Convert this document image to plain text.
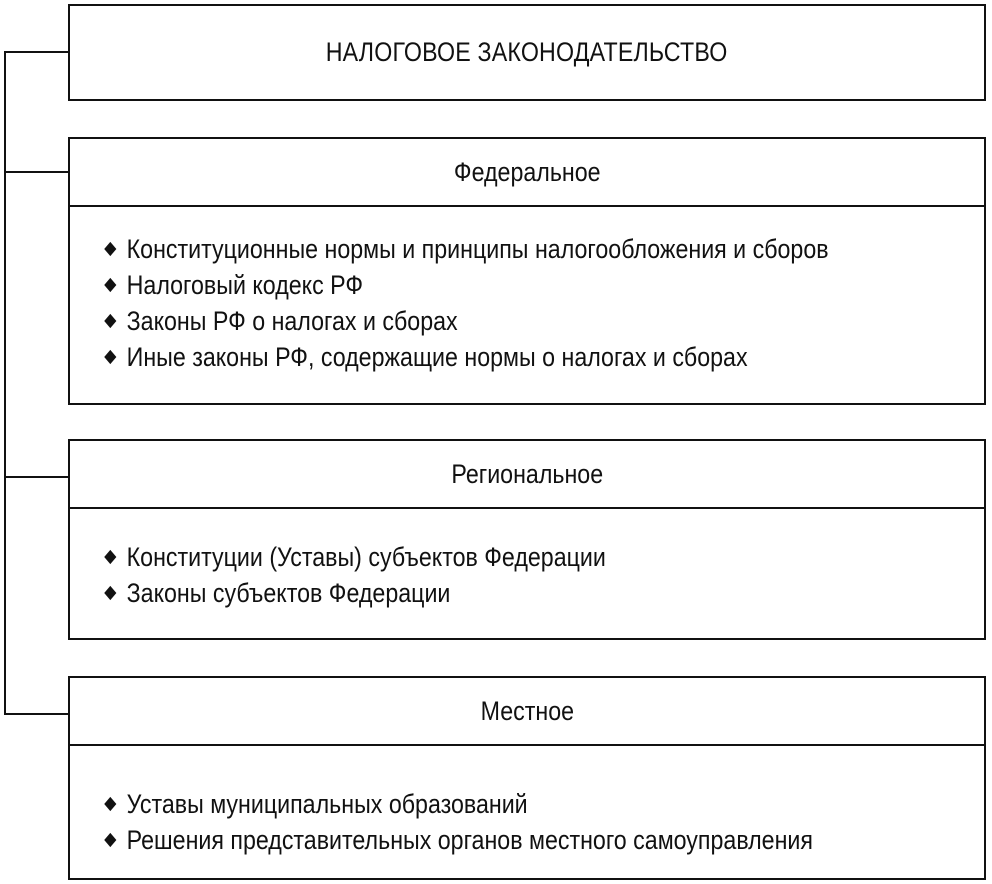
НАЛОГОВОЕ ЗАКОНОДАТЕЛЬСТВО
Федеральное
Конституционные нормы и принципы налогообложения и сборов
Налоговый кодекс РФ
Законы РФ о налогах и сборах
Иные законы РФ, содержащие нормы о налогах и сборах
Региональное
Конституции (Уставы) субъектов Федерации
Законы субъектов Федерации
Местное
Уставы муниципальных образований
Решения представительных органов местного самоуправления
